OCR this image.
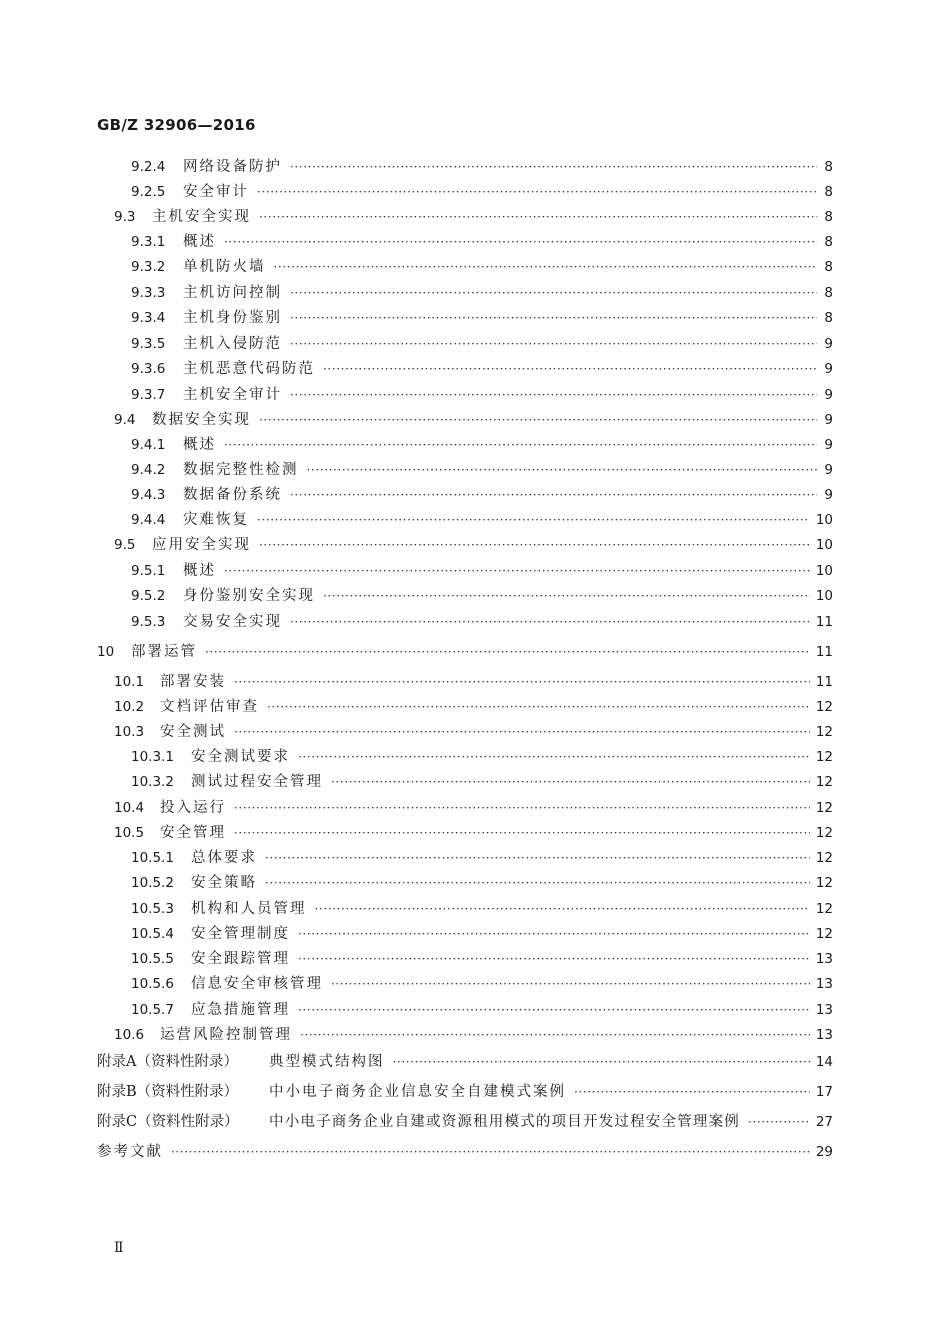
GB/Z 32906—2016
9.2.4	网络设备防护 ·····	8
9.2.5	安全审计 ·····	8
9.3	主机安全实现 ·····	8
9.3.1	概述 ·····	8
9.3.2	单机防火墙 ·····	8
9.3.3	主机访问控制 ·····	8
9.3.4	主机身份鉴别 ·····	8
9.3.5	主机入侵防范 ·····	9
9.3.6	主机恶意代码防范 ·····	9
9.3.7	主机安全审计 ·····	9
9.4	数据安全实现 ·····	9
9.4.1	概述 ·····	9
9.4.2	数据完整性检测 ·····	9
9.4.3	数据备份系统 ·····	9
9.4.4	灾难恢复 ·····	10
9.5	应用安全实现 ·····	10
9.5.1	概述 ·····	10
9.5.2	身份鉴别安全实现 ·····	10
9.5.3	交易安全实现 ·····	11
10	部署运管 ·····	11
10.1	部署安装 ·····	11
10.2	文档评估审查 ·····	12
10.3	安全测试 ·····	12
10.3.1	安全测试要求 ·····	12
10.3.2	测试过程安全管理 ·····	12
10.4	投入运行 ·····	12
10.5	安全管理 ·····	12
10.5.1	总体要求 ·····	12
10.5.2	安全策略 ·····	12
10.5.3	机构和人员管理 ·····	12
10.5.4	安全管理制度 ·····	12
10.5.5	安全跟踪管理 ·····	13
10.5.6	信息安全审核管理 ·····	13
10.5.7	应急措施管理 ·····	13
10.6	运营风险控制管理 ·····	13
附录A（资料性附录）	典型模式结构图 ·····	14
附录B（资料性附录）	中小电子商务企业信息安全自建模式案例 ·····	17
附录C（资料性附录）	中小电子商务企业自建或资源租用模式的项目开发过程安全管理案例 ·····	27
参考文献 ·····	29
Ⅱ
